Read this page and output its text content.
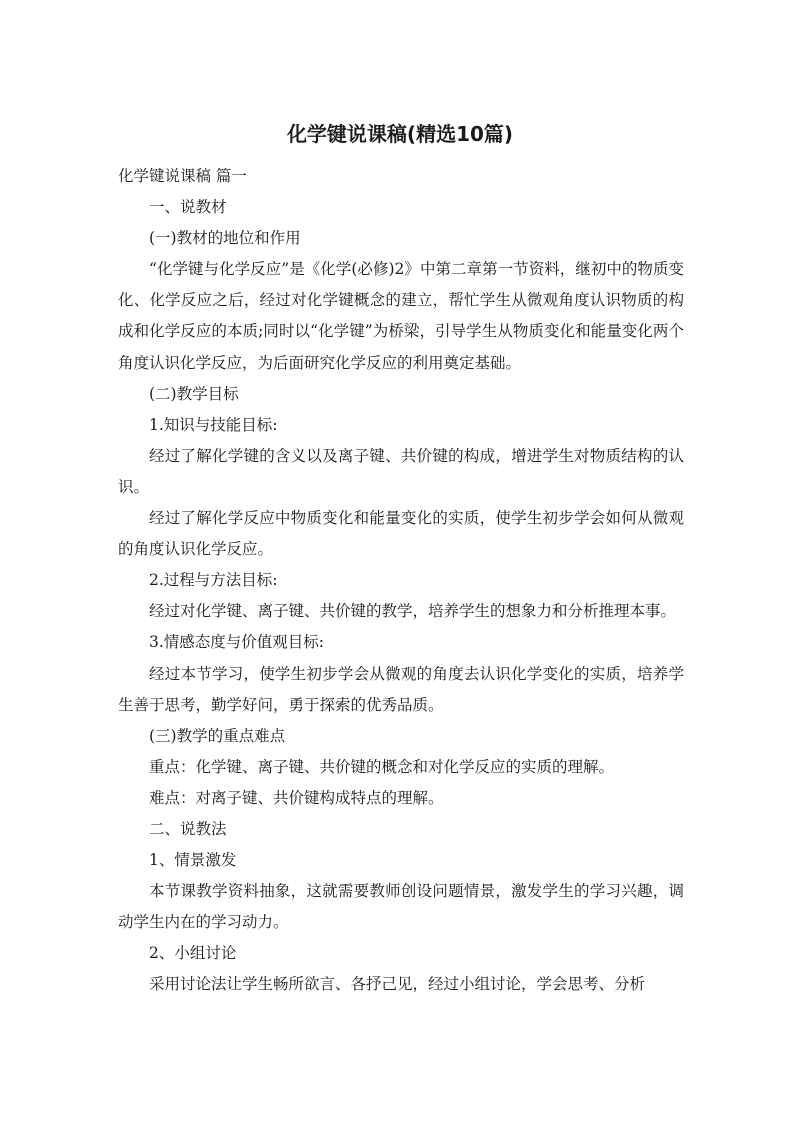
化学键说课稿(精选10篇)

化学键说课稿 篇一

一、说教材

(一)教材的地位和作用

“化学键与化学反应”是《化学(必修)2》中第二章第一节资料，继初中的物质变化、化学反应之后，经过对化学键概念的建立，帮忙学生从微观角度认识物质的构成和化学反应的本质;同时以“化学键”为桥梁，引导学生从物质变化和能量变化两个角度认识化学反应，为后面研究化学反应的利用奠定基础。

(二)教学目标

1.知识与技能目标:

经过了解化学键的含义以及离子键、共价键的构成，增进学生对物质结构的认识。

经过了解化学反应中物质变化和能量变化的实质，使学生初步学会如何从微观的角度认识化学反应。

2.过程与方法目标:

经过对化学键、离子键、共价键的教学，培养学生的想象力和分析推理本事。

3.情感态度与价值观目标:

经过本节学习，使学生初步学会从微观的角度去认识化学变化的实质，培养学生善于思考，勤学好问，勇于探索的优秀品质。

(三)教学的重点难点

重点：化学键、离子键、共价键的概念和对化学反应的实质的理解。

难点：对离子键、共价键构成特点的理解。

二、说教法

1、情景激发

本节课教学资料抽象，这就需要教师创设问题情景，激发学生的学习兴趣，调动学生内在的学习动力。

2、小组讨论

采用讨论法让学生畅所欲言、各抒己见，经过小组讨论，学会思考、分析
